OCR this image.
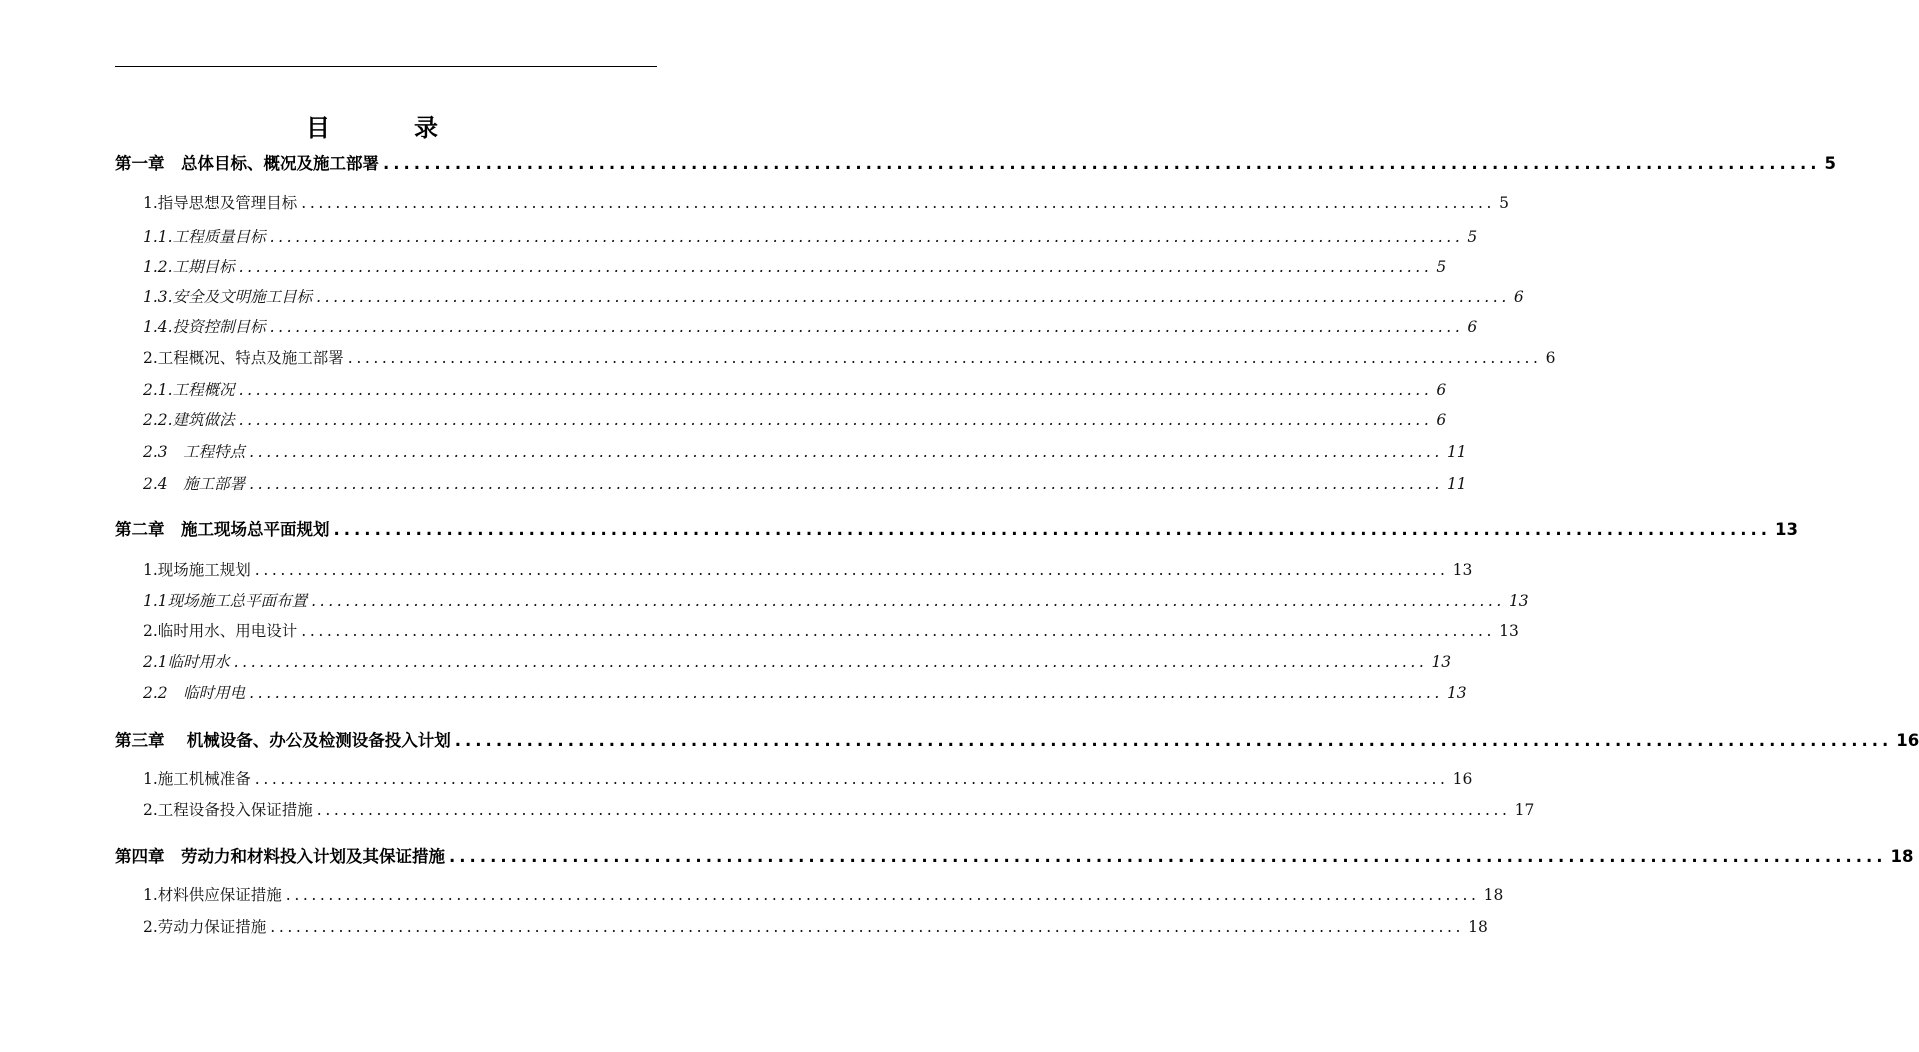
目　录
第一章　总体目标、概况及施工部署 ............................................................................................................................................ 5
1.指导思想及管理目标 ............................................................................................................................................ 5
1.1.工程质量目标 ............................................................................................................................................ 5
1.2.工期目标 ............................................................................................................................................ 5
1.3.安全及文明施工目标 ............................................................................................................................................ 6
1.4.投资控制目标 ............................................................................................................................................ 6
2.工程概况、特点及施工部署 ............................................................................................................................................ 6
2.1.工程概况 ............................................................................................................................................ 6
2.2.建筑做法 ............................................................................................................................................ 6
2.3　工程特点 ............................................................................................................................................ 11
2.4　施工部署 ............................................................................................................................................ 11
第二章　施工现场总平面规划 ............................................................................................................................................ 13
1.现场施工规划 ............................................................................................................................................ 13
1.1现场施工总平面布置 ............................................................................................................................................ 13
2.临时用水、用电设计 ............................................................................................................................................ 13
2.1临时用水 ............................................................................................................................................ 13
2.2　临时用电 ............................................................................................................................................ 13
第三章　 机械设备、办公及检测设备投入计划 ............................................................................................................................................ 16
1.施工机械准备 ............................................................................................................................................ 16
2.工程设备投入保证措施 ............................................................................................................................................ 17
第四章　劳动力和材料投入计划及其保证措施 ............................................................................................................................................ 18
1.材料供应保证措施 ............................................................................................................................................ 18
2.劳动力保证措施 ............................................................................................................................................ 18
